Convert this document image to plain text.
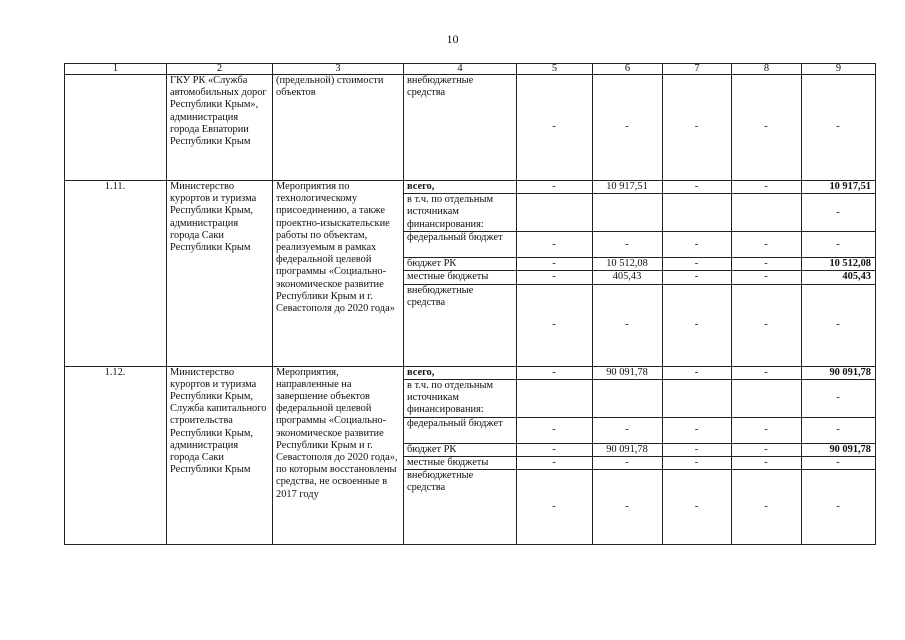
10
1	2	3	4	5	6	7	8	9
	ГКУ РК «Служба автомобильных дорог Республики Крым», администрация города Евпатории Республики Крым	(предельной) стоимости объектов	внебюджетные средства	-	-	-	-	-
1.11.	Министерство курортов и туризма Республики Крым, администрация города Саки Республики Крым	Мероприятия по технологическому присоединению, а также проектно-изыскательские работы по объектам, реализуемым в рамках федеральной целевой программы «Социально-экономическое развитие Республики Крым и г. Севастополя до 2020 года»	всего,	-	10 917,51	-	-	10 917,51
			в т.ч. по отдельным источникам финансирования:					-
			федеральный бюджет	-	-	-	-	-
			бюджет РК	-	10 512,08	-	-	10 512,08
			местные бюджеты	-	405,43	-	-	405,43
			внебюджетные средства	-	-	-	-	-
1.12.	Министерство курортов и туризма Республики Крым, Служба капитального строительства Республики Крым, администрация города Саки Республики Крым	Мероприятия, направленные на завершение объектов федеральной целевой программы «Социально-экономическое развитие Республики Крым и г. Севастополя до 2020 года», по которым восстановлены средства, не освоенные в 2017 году	всего,	-	90 091,78	-	-	90 091,78
			в т.ч. по отдельным источникам финансирования:					-
			федеральный бюджет	-	-	-	-	-
			бюджет РК	-	90 091,78	-	-	90 091,78
			местные бюджеты	-	-	-	-	-
			внебюджетные средства	-	-	-	-	-
